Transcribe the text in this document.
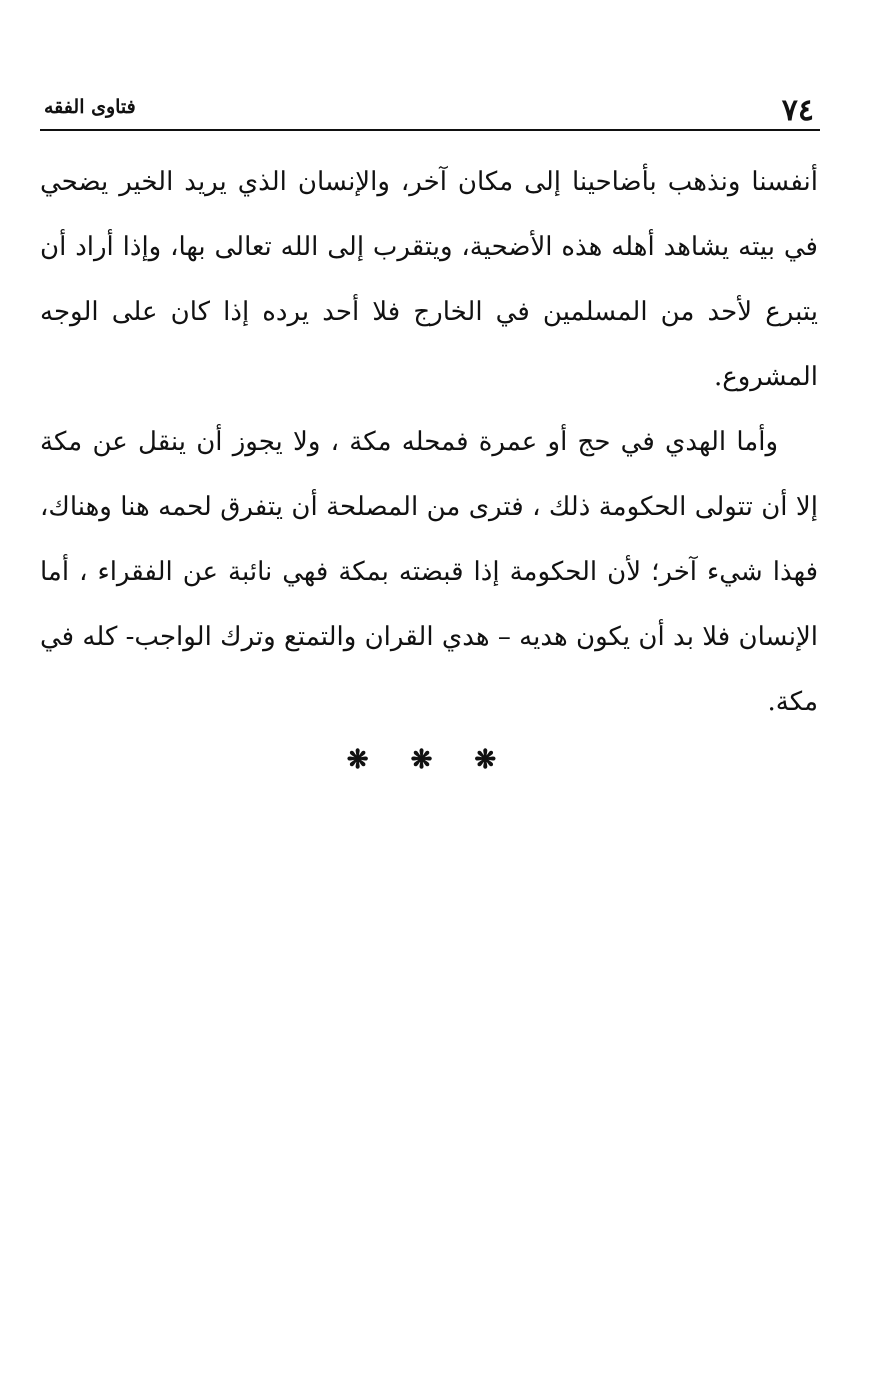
٧٤
فتاوى الفقه

أنفسنا ونذهب بأضاحينا إلى مكان آخر، والإنسان الذي يريد الخير يضحي في بيته يشاهد أهله هذه الأضحية، ويتقرب إلى الله تعالى بها، وإذا أراد أن يتبرع لأحد من المسلمين في الخارج فلا أحد يرده إذا كان على الوجه المشروع.

وأما الهدي في حج أو عمرة فمحله مكة ، ولا يجوز أن ينقل عن مكة إلا أن تتولى الحكومة ذلك ، فترى من المصلحة أن يتفرق لحمه هنا وهناك، فهذا شيء آخر؛ لأن الحكومة إذا قبضته بمكة فهي نائبة عن الفقراء ، أما الإنسان فلا بد أن يكون هديه – هدي القران والتمتع وترك الواجب- كله في مكة.

❋ ❋ ❋
